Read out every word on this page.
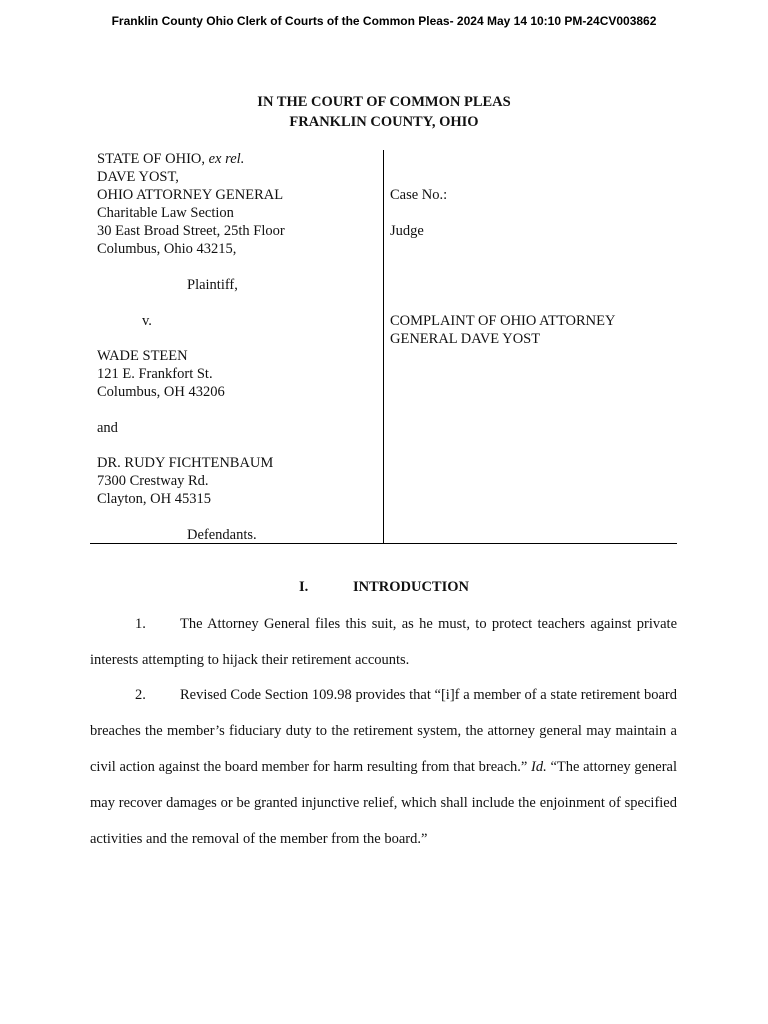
Franklin County Ohio Clerk of Courts of the Common Pleas- 2024 May 14 10:10 PM-24CV003862
IN THE COURT OF COMMON PLEAS
FRANKLIN COUNTY, OHIO
STATE OF OHIO, ex rel.
DAVE YOST,
OHIO ATTORNEY GENERAL
Charitable Law Section
30 East Broad Street, 25th Floor
Columbus, Ohio 43215,
Plaintiff,
v.
WADE STEEN
121 E. Frankfort St.
Columbus, OH 43206
and
DR. RUDY FICHTENBAUM
7300 Crestway Rd.
Clayton, OH 45315
Defendants.
Case No.:
Judge
COMPLAINT OF OHIO ATTORNEY
GENERAL DAVE YOST
I.	INTRODUCTION

1. The Attorney General files this suit, as he must, to protect teachers against private interests attempting to hijack their retirement accounts.

2. Revised Code Section 109.98 provides that “[i]f a member of a state retirement board breaches the member’s fiduciary duty to the retirement system, the attorney general may maintain a civil action against the board member for harm resulting from that breach.” Id. “The attorney general may recover damages or be granted injunctive relief, which shall include the enjoinment of specified activities and the removal of the member from the board.”
